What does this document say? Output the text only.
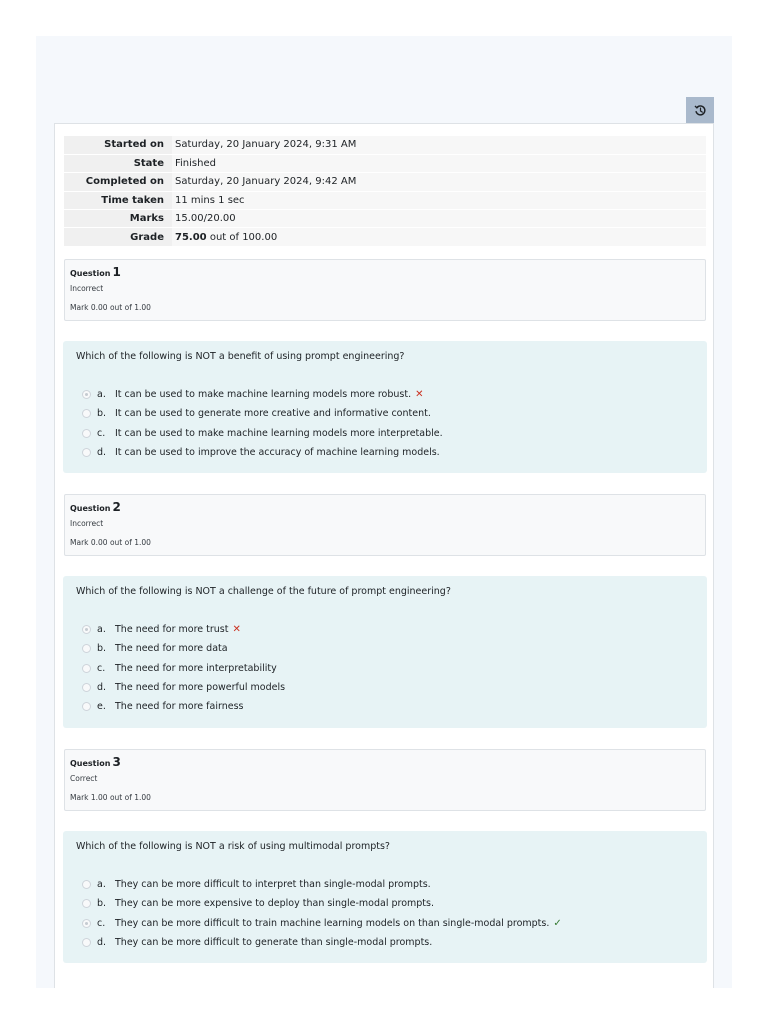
Started on	Saturday, 20 January 2024, 9:31 AM
State	Finished
Completed on	Saturday, 20 January 2024, 9:42 AM
Time taken	11 mins 1 sec
Marks	15.00/20.00
Grade	75.00 out of 100.00
Question 1
Incorrect
Mark 0.00 out of 1.00
Which of the following is NOT a benefit of using prompt engineering?
a. It can be used to make machine learning models more robust. ✕
b. It can be used to generate more creative and informative content.
c.	It can be used to make machine learning models more interpretable.
d. It can be used to improve the accuracy of machine learning models.
Question 2
Incorrect
Mark 0.00 out of 1.00
Which of the following is NOT a challenge of the future of prompt engineering?
a. The need for more trust ✕
b. The need for more data
c.	The need for more interpretability
d. The need for more powerful models
e. The need for more fairness
Question 3
Correct
Mark 1.00 out of 1.00
Which of the following is NOT a risk of using multimodal prompts?
a. They can be more difficult to interpret than single-modal prompts.
b. They can be more expensive to deploy than single-modal prompts.
c.	They can be more difficult to train machine learning models on than single-modal prompts. ✓
d. They can be more difficult to generate than single-modal prompts.
